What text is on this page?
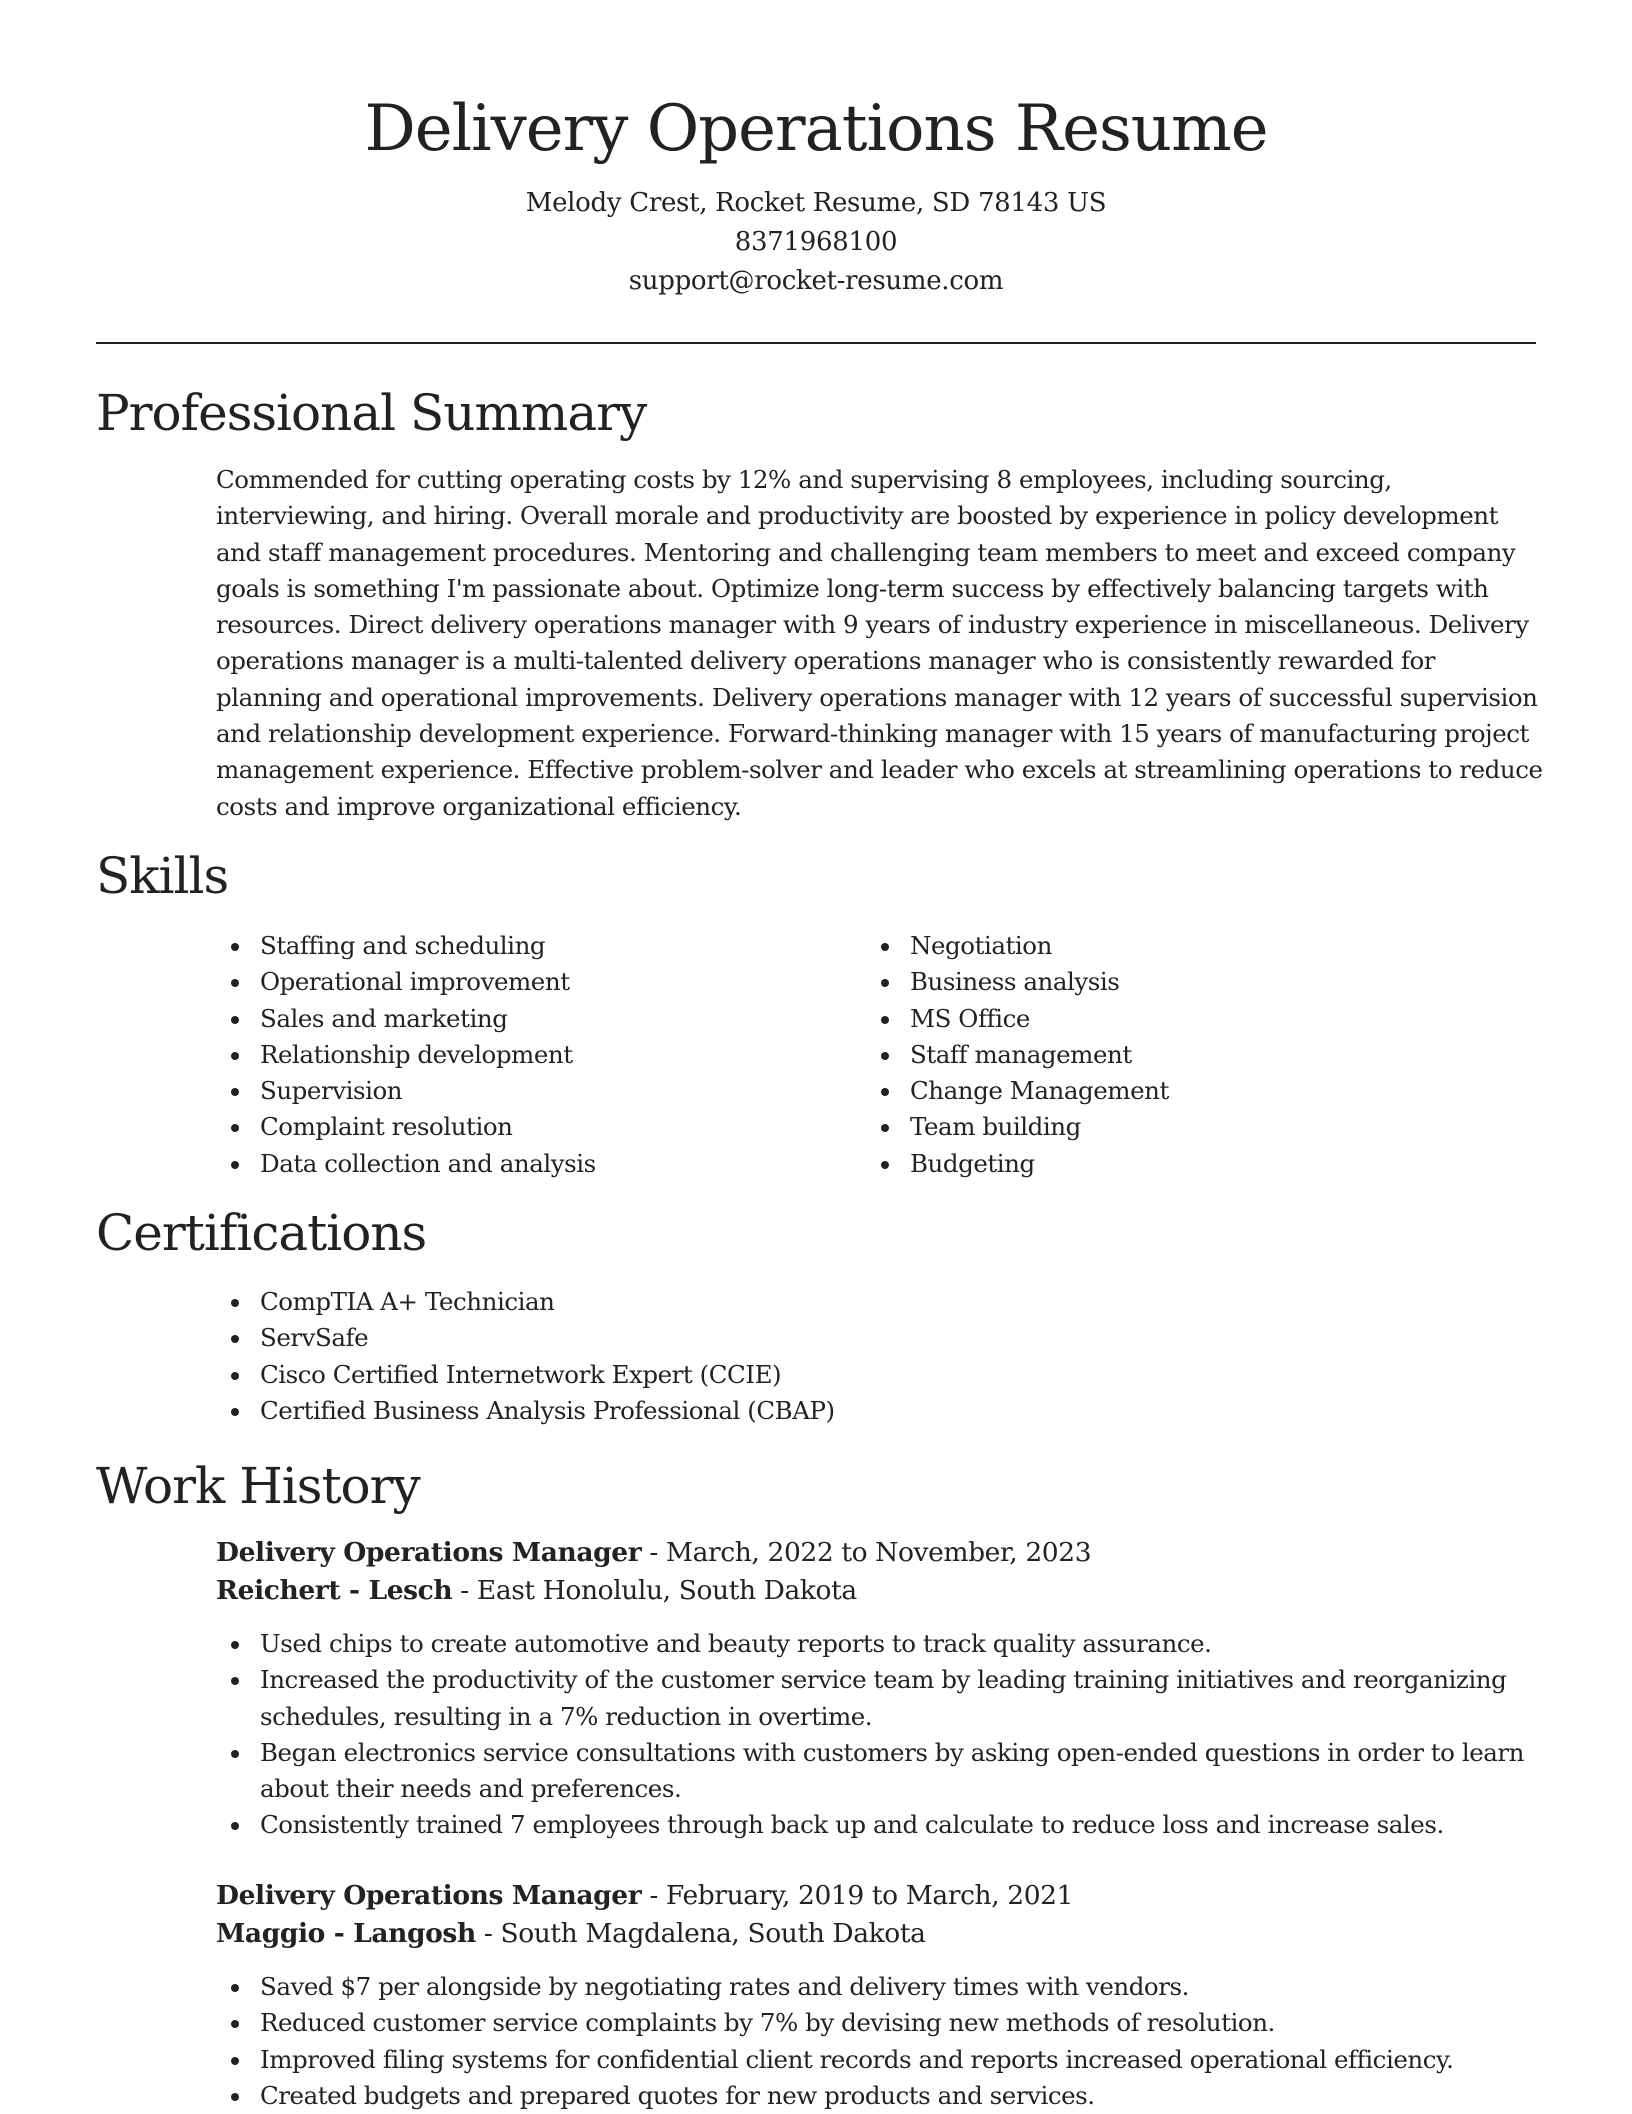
Delivery Operations Resume

Melody Crest, Rocket Resume, SD 78143 US

8371968100

support@rocket-resume.com

Professional Summary

Commended for cutting operating costs by 12% and supervising 8 employees, including sourcing, interviewing, and hiring. Overall morale and productivity are boosted by experience in policy development and staff management procedures. Mentoring and challenging team members to meet and exceed company goals is something I'm passionate about. Optimize long-term success by effectively balancing targets with resources. Direct delivery operations manager with 9 years of industry experience in miscellaneous. Delivery operations manager is a multi-talented delivery operations manager who is consistently rewarded for planning and operational improvements. Delivery operations manager with 12 years of successful supervision and relationship development experience. Forward-thinking manager with 15 years of manufacturing project management experience. Effective problem-solver and leader who excels at streamlining operations to reduce costs and improve organizational efficiency.

Skills
Staffing and scheduling
Operational improvement
Sales and marketing
Relationship development
Supervision
Complaint resolution
Data collection and analysis
Negotiation
Business analysis
MS Office
Staff management
Change Management
Team building
Budgeting
Certifications
CompTIA A+ Technician
ServSafe
Cisco Certified Internetwork Expert (CCIE)
Certified Business Analysis Professional (CBAP)
Work History

Delivery Operations Manager - March, 2022 to November, 2023

Reichert - Lesch - East Honolulu, South Dakota

Used chips to create automotive and beauty reports to track quality assurance.
Increased the productivity of the customer service team by leading training initiatives and reorganizing schedules, resulting in a 7% reduction in overtime.
Began electronics service consultations with customers by asking open-ended questions in order to learn about their needs and preferences.
Consistently trained 7 employees through back up and calculate to reduce loss and increase sales.

Delivery Operations Manager - February, 2019 to March, 2021

Maggio - Langosh - South Magdalena, South Dakota

Saved $7 per alongside by negotiating rates and delivery times with vendors.
Reduced customer service complaints by 7% by devising new methods of resolution.
Improved filing systems for confidential client records and reports increased operational efficiency.
Created budgets and prepared quotes for new products and services.
